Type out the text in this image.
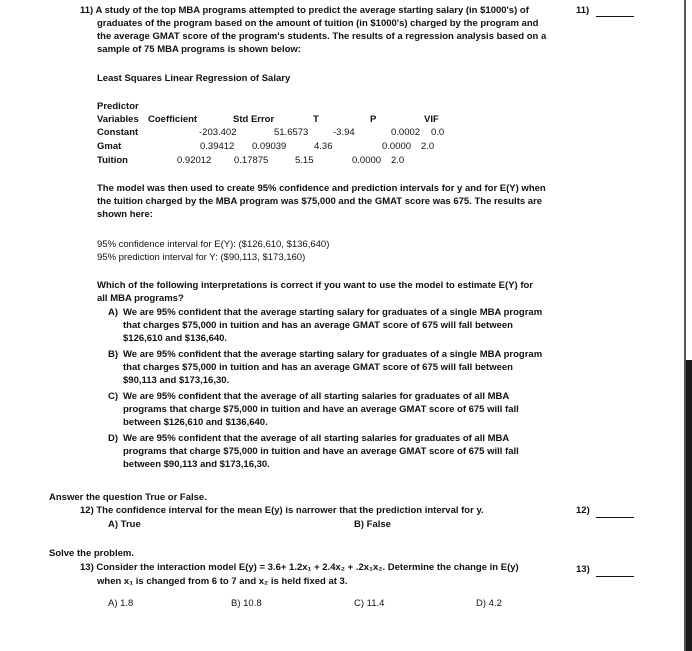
11) A study of the top MBA programs attempted to predict the average starting salary (in $1000's) of
graduates of the program based on the amount of tuition (in $1000's) charged by the program and
the average GMAT score of the program's students. The results of a regression analysis based on a
sample of 75 MBA programs is shown below:
11)
Least Squares Linear Regression of Salary
Predictor
Variables Coefficient	Std Error	T	P	VIF
Constant	-203.402	51.6573	-3.94	0.0002 0.0
Gmat	0.39412 0.09039	4.36	0.0000 2.0
Tuition	0.92012 0.17875	5.15	0.0000 2.0
The model was then used to create 95% confidence and prediction intervals for y and for E(Y) when
the tuition charged by the MBA program was $75,000 and the GMAT score was 675. The results are
shown here:
95% confidence interval for E(Y): ($126,610, $136,640)
95% prediction interval for Y: ($90,113, $173,160)
Which of the following interpretations is correct if you want to use the model to estimate E(Y) for
all MBA programs?
A) We are 95% confident that the average starting salary for graduates of a single MBA program
that charges $75,000 in tuition and has an average GMAT score of 675 will fall between
$126,610 and $136,640.
B) We are 95% confident that the average starting salary for graduates of a single MBA program
that charges $75,000 in tuition and has an average GMAT score of 675 will fall between
$90,113 and $173,16,30.
C) We are 95% confident that the average of all starting salaries for graduates of all MBA
programs that charge $75,000 in tuition and have an average GMAT score of 675 will fall
between $126,610 and $136,640.
D) We are 95% confident that the average of all starting salaries for graduates of all MBA
programs that charge $75,000 in tuition and have an average GMAT score of 675 will fall
between $90,113 and $173,16,30.
Answer the question True or False.
12) The confidence interval for the mean E(y) is narrower that the prediction interval for y.	12)
A) True	B) False
Solve the problem.
13) Consider the interaction model E(y) = 3.6+ 1.2x₁ + 2.4x₂ + .2x₁x₂. Determine the change in E(y)
when x₁ is changed from 6 to 7 and x₂ is held fixed at 3.
13)
A) 1.8	B) 10.8	C) 11.4	D) 4.2
